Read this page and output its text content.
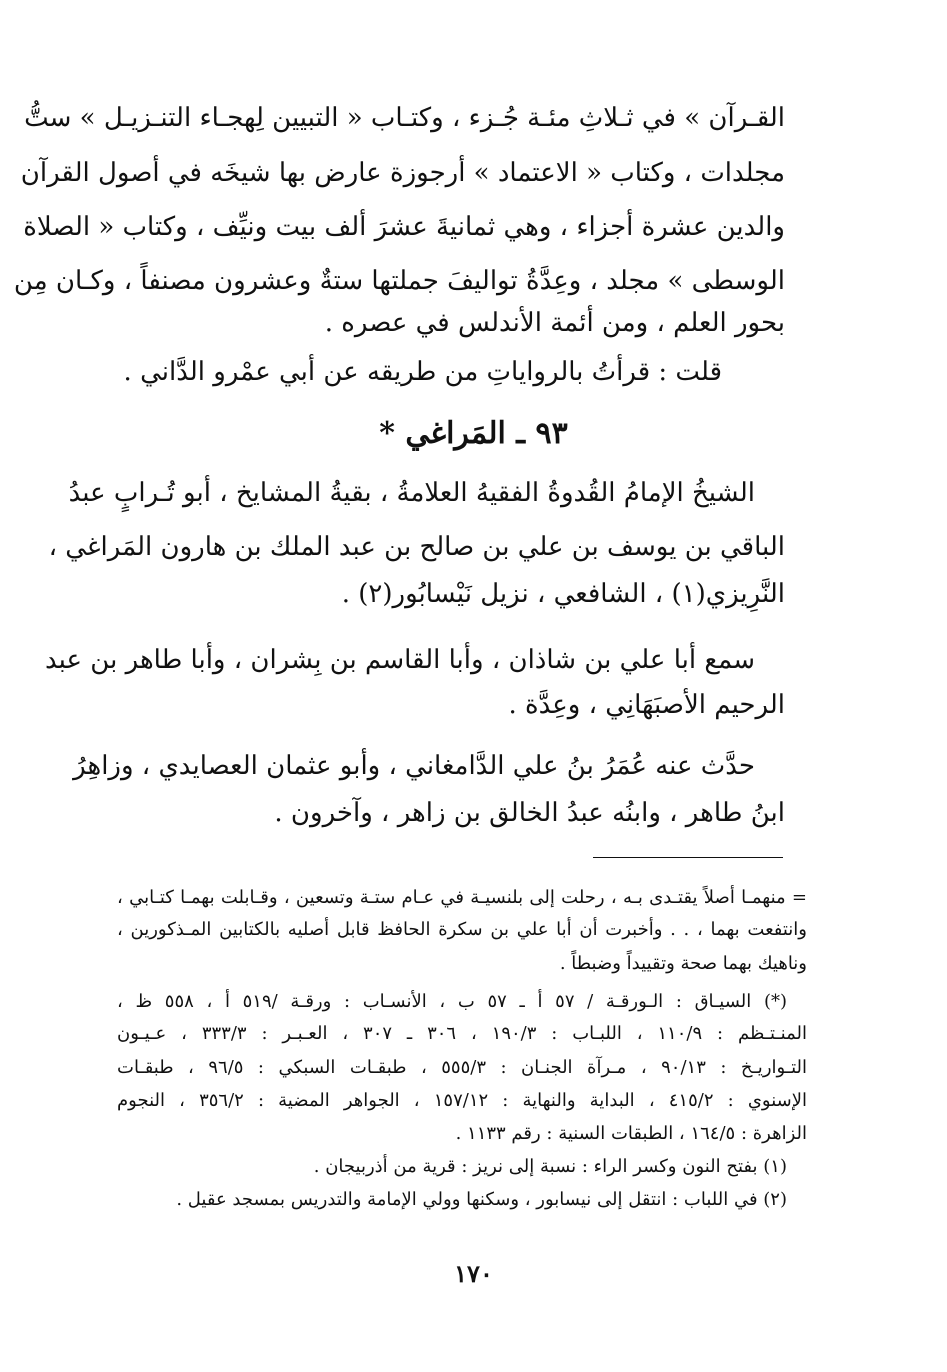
القـرآن » في ثـلاثِ مئـة جُـزء ، وكتـاب « التبيين لِهجـاء التنـزيـل » ستُّ
مجلدات ، وكتاب « الاعتماد » أرجوزة عارض بها شيخَه في أصول القرآن
والدين عشرة أجزاء ، وهي ثمانيةَ عشرَ ألف بيت ونيِّف ، وكتاب « الصلاة
الوسطى » مجلد ، وعِدَّةُ تواليفَ جملتها ستةٌ وعشرون مصنفاً ، وكـان مِن
بحور العلم ، ومن أئمة الأندلس في عصره .
قلت : قرأتُ بالرواياتِ من طريقه عن أبي عمْرو الدَّاني .
٩٣ ـ المَراغي *
الشيخُ الإمامُ القُدوةُ الفقيهُ العلامةُ ، بقيةُ المشايخ ، أبو تُـرابٍ عبدُ
الباقي بن يوسف بن علي بن صالح بن عبد الملك بن هارون المَراغي ،
النَّرِيزي(١) ، الشافعي ، نزيل نَيْسابُور(٢) .
سمع أبا علي بن شاذان ، وأبا القاسم بن بِشران ، وأبا طاهر بن عبد
الرحيم الأصبَهَانِي ، وعِدَّة .
حدَّث عنه عُمَرُ بنُ علي الدَّامغاني ، وأبو عثمان العصايدي ، وزاهِرُ
ابنُ طاهر ، وابنُه عبدُ الخالق بن زاهر ، وآخرون .
= منهمـا أصلاً يقتـدى بـه ، رحلت إلى بلنسيـة في عـام ستـة وتسعين ، وقـابلت بهمـا كتـابي ،
وانتفعت بهما ، . . وأخبرت أن أبا علي بن سكرة الحافظ قابل أصليه بالكتابين المـذكورين ،
وناهيك بهما صحة وتقييداً وضبطاً .
(*) السيـاق : الـورقـة / ٥٧ أ ـ ٥٧ ب ، الأنسـاب : ورقـة /٥١٩ أ ، ٥٥٨ ظ ،
المنـتـظم : ١١٠/٩ ، اللبـاب : ١٩٠/٣ ، ٣٠٦ ـ ٣٠٧ ، العـبـر : ٣٣٣/٣ ، عـيـون
التـواريـخ : ٩٠/١٣ ، مـرآة الجنـان : ٥٥٥/٣ ، طبقـات السبكي : ٩٦/٥ ، طبقـات
الإسنوي : ٤١٥/٢ ، البداية والنهاية : ١٥٧/١٢ ، الجواهر المضية : ٣٥٦/٢ ، النجوم
الزاهرة : ١٦٤/٥ ، الطبقات السنية : رقم ١١٣٣ .
(١) بفتح النون وكسر الراء : نسبة إلى نريز : قرية من أذربيجان .
(٢) في اللباب : انتقل إلى نيسابور ، وسكنها وولي الإمامة والتدريس بمسجد عقيل .
١٧٠
